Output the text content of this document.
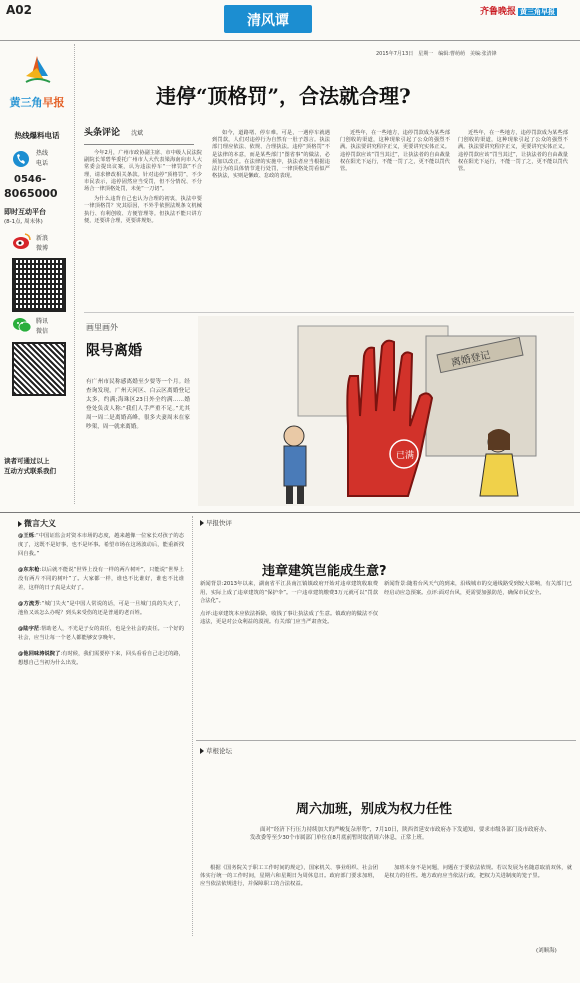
A02
清风谭
齐鲁晚报 黄三角早报
2015年7月13日　星期一　编辑:曹萌萌　美编:张清锋
黄三角早报
热线爆料电话
热线
电话
0546-
8065000
即时互动平台
(8-1点, 周末休)
新浪
微博
腾讯
微信
读者可通过以上
互动方式联系我们
违停“顶格罚”，合法就合理?
头条评论 沈斌

今年2月，广州市政协副主席、市中级人民法院副院长邹碧华委托广州市人大代表梁海南向市人大常委会提出议案，认为违法停车“一律罚款”不合理，请求修改相关条款。针对违停“顶格罚”，不少市民表示，违停固然应当受罚，但不分情况、不分场合一律顶格处罚，未免“一刀切”。

为什么违背自己也认为合理的初衷，执法中要一律顶格罚？究其原因，不外乎依照法规条文机械执行、有利创收、方便管理等。但执法不能只讲方便，还要讲合理，更要讲规矩。

如今，道路堵、停车难。可是，一遇停车就遇到罚款，人们对违停行为自然有一肚子怨言。执法部门理应依法、依规、合理执法。违停“顶格罚”不是法律的本意，而是某些部门“图省事”的做法，必须加以改正。在法律的实施中，执法者应当根据违法行为的具体情节进行处罚，一律顶格处罚看似严格执法，实则是懒政、怠政的表现。
近些年，在一些地方，违停罚款成为某些部门创收的渠道，这种现象引起了公众的强烈不满。执法要讲究程序正义，更要讲究实体正义。违停罚款应该“罚当其过”，让执法者的自由裁量权在阳光下运行，不能一罚了之，更不能以罚代管。
近些年，在一些地方，违停罚款成为某些部门创收的渠道，这种现象引起了公众的强烈不满。执法要讲究程序正义，更要讲究实体正义。违停罚款应该“罚当其过”，让执法者的自由裁量权在阳光下运行，不能一罚了之，更不能以罚代管。
画里画外
限号离婚
有广州市民称感离婚至少要等一个月。经查询发现，广州天河区、白云区离婚登记太多，约满;海珠区23日外全约满……婚登处负责人称:“我们人手严重不足。”尤其周一周二是离婚高峰，很多夫妻周末在家吵架，周一就来离婚。
离婚登记
已满
微言大义
@王烁:“中国证监会对资本市场的态度，越来越像一位家长对孩子的态度了，这既不是好事，也不是坏事。希望市场在这场波动后，能重新找回自我。”
@东东枪:以后就不能说“世界上没有一样的两片树叶”，只能说“世界上没有两片不同的树叶”了。大家都一样，谁也不比谁好，谁也不比谁差，这样的日子真是太好了。
@方流芳:“城门失火”是中国人常说的话，可是一旦城门真的失火了，池鱼又该怎么办呢？到头来受伤的还是普通的老百姓。
@陆宇茫:帮助老人，不光是子女的责任，也是全社会的责任。一个好的社会，应当让每一个老人都能够安享晚年。
@他回味涛说院了:有时候，我们需要停下来，回头看看自己走过的路，想想自己当初为什么出发。
早报快评
违章建筑岂能成生意?

新闻背景:2013年以来，湖南省平江县南江镇镇政府开始对违章建筑收取费用，实际上成了违章建筑的“保护伞”。一户违章建筑缴费3万元就可以“罚款合法化”。

点评:违章建筑本应依法拆除，收钱了事让执法成了生意。镇政府的做法不仅违法，更是对公众利益的漠视。有关部门应当严肃查处。

新闻背景:随着台风天气的到来，沿线城市的交通线路受到较大影响，有关部门已经启动应急预案。点评:面对台风，更需要加强防范，确保市民安全。

草根论坛
周六加班，别成为权力任性
面对“经济下行压力持续加大的严峻复杂形势”，7月10日，陕西省延安市政府办下发通知，要求市级各部门及市政府办、发改委等至少30个市属部门单位在8月底前暂时取消周六休息，正常上班。
根据《国务院关于职工工作时间的规定》，国家机关、事业组织、社会团体实行统一的工作时间，星期六和星期日为周休息日。政府部门要求加班，应当依法依规进行，并保障职工的合法权益。
加班本身不是问题，问题在于要依法依规。若以发展为名随意取消双休，就是权力的任性。地方政府应当依法行政，把权力关进制度的笼子里。
(刘顺海)
